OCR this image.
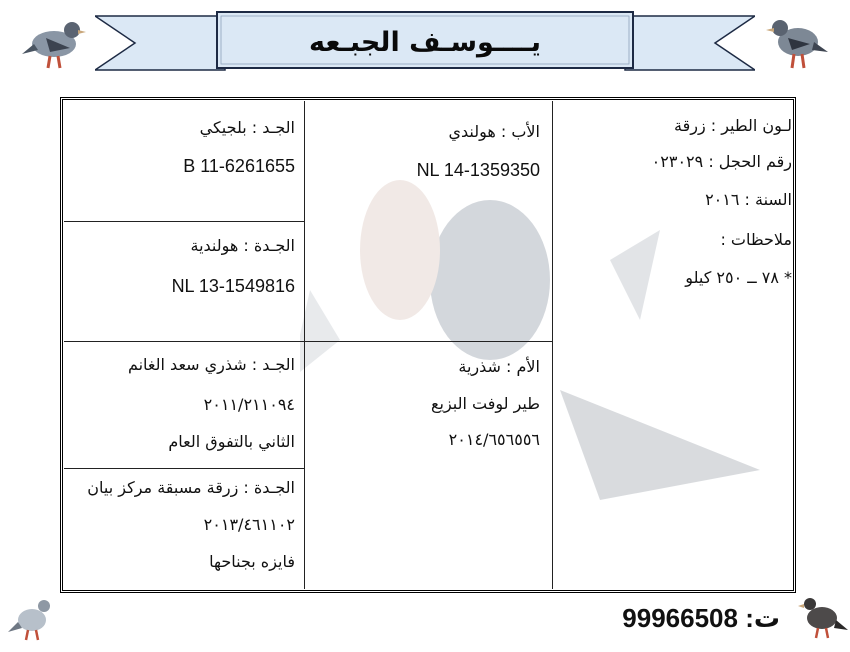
يــــوسـف الجبـعه
لـون الطير : زرقة
رقم الحجل : ٠٢٣٠٢٩
السنة : ٢٠١٦
ملاحظات :
* ٧٨ ــ ٢٥٠ كيلو
الأب : هولندي
NL 14-1359350
الأم : شذرية
طير لوفت البزيع
٢٠١٤/٦٥٦٥٥٦
الجـد : بلجيكي
B 11-6261655
الجـدة : هولندية
NL 13-1549816
الجـد : شذري سعد الغانم
٢٠١١/٢١١٠٩٤
الثاني بالتفوق العام
الجـدة : زرقة مسبقة مركز بيان
٢٠١٣/٤٦١١٠٢
فايزه بجناحها
ت: 99966508
